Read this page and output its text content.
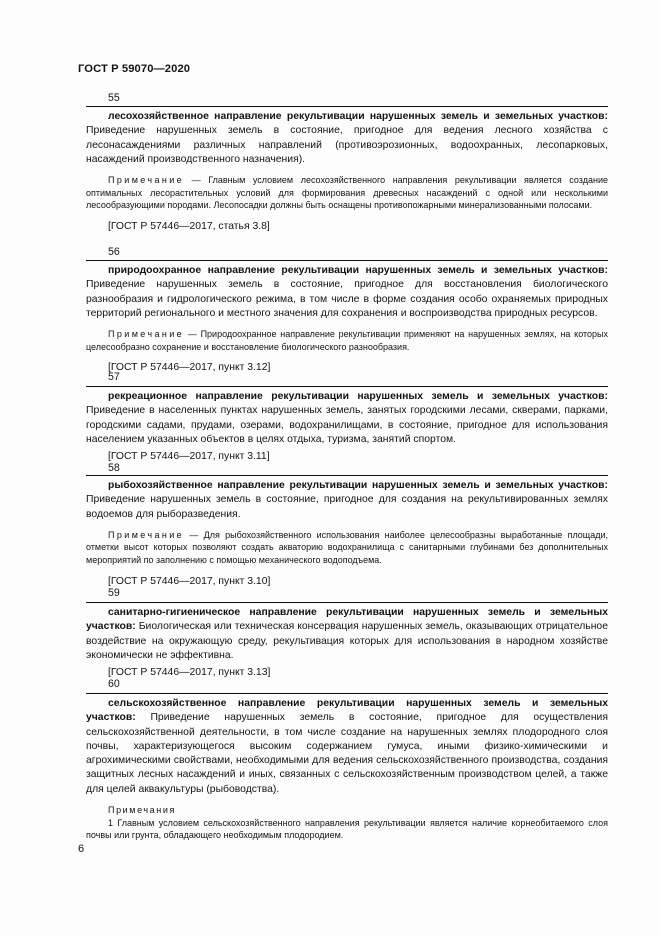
ГОСТ Р 59070—2020
55

лесохозяйственное направление рекультивации нарушенных земель и земельных участков: Приведение нарушенных земель в состояние, пригодное для ведения лесного хозяйства с лесонасаждениями различных направлений (противоэрозионных, водоохранных, лесопарковых, насаждений производственного назначения).

Примечание — Главным условием лесохозяйственного направления рекультивации является создание оптимальных лесорастительных условий для формирования древесных насаждений с одной или несколькими лесообразующими породами. Лесопосадки должны быть оснащены противопожарными минерализованными полосами.

[ГОСТ Р 57446—2017, статья 3.8]
56

природоохранное направление рекультивации нарушенных земель и земельных участков: Приведение нарушенных земель в состояние, пригодное для восстановления биологического разнообразия и гидрологического режима, в том числе в форме создания особо охраняемых природных территорий регионального и местного значения для сохранения и воспроизводства природных ресурсов.

Примечание — Природоохранное направление рекультивации применяют на нарушенных землях, на которых целесообразно сохранение и восстановление биологического разнообразия.

[ГОСТ Р 57446—2017, пункт 3.12]
57

рекреационное направление рекультивации нарушенных земель и земельных участков: Приведение в населенных пунктах нарушенных земель, занятых городскими лесами, скверами, парками, городскими садами, прудами, озерами, водохранилищами, в состояние, пригодное для использования населением указанных объектов в целях отдыха, туризма, занятий спортом.

[ГОСТ Р 57446—2017, пункт 3.11]
58

рыбохозяйственное направление рекультивации нарушенных земель и земельных участков: Приведение нарушенных земель в состояние, пригодное для создания на рекультивированных землях водоемов для рыборазведения.

Примечание — Для рыбохозяйственного использования наиболее целесообразны выработанные площади, отметки высот которых позволяют создать акваторию водохранилища с санитарными глубинами без дополнительных мероприятий по заполнению с помощью механического водоподъема.

[ГОСТ Р 57446—2017, пункт 3.10]
59

санитарно-гигиеническое направление рекультивации нарушенных земель и земельных участков: Биологическая или техническая консервация нарушенных земель, оказывающих отрицательное воздействие на окружающую среду, рекультивация которых для использования в народном хозяйстве экономически не эффективна.

[ГОСТ Р 57446—2017, пункт 3.13]
60

сельскохозяйственное направление рекультивации нарушенных земель и земельных участков: Приведение нарушенных земель в состояние, пригодное для осуществления сельскохозяйственной деятельности, в том числе создание на нарушенных землях плодородного слоя почвы, характеризующегося высоким содержанием гумуса, иными физико-химическими и агрохимическими свойствами, необходимыми для ведения сельскохозяйственного производства, создания защитных лесных насаждений и иных, связанных с сельскохозяйственным производством целей, а также для целей аквакультуры (рыбоводства).

Примечания

1 Главным условием сельскохозяйственного направления рекультивации является наличие корнеобитаемого слоя почвы или грунта, обладающего необходимым плодородием.

6
